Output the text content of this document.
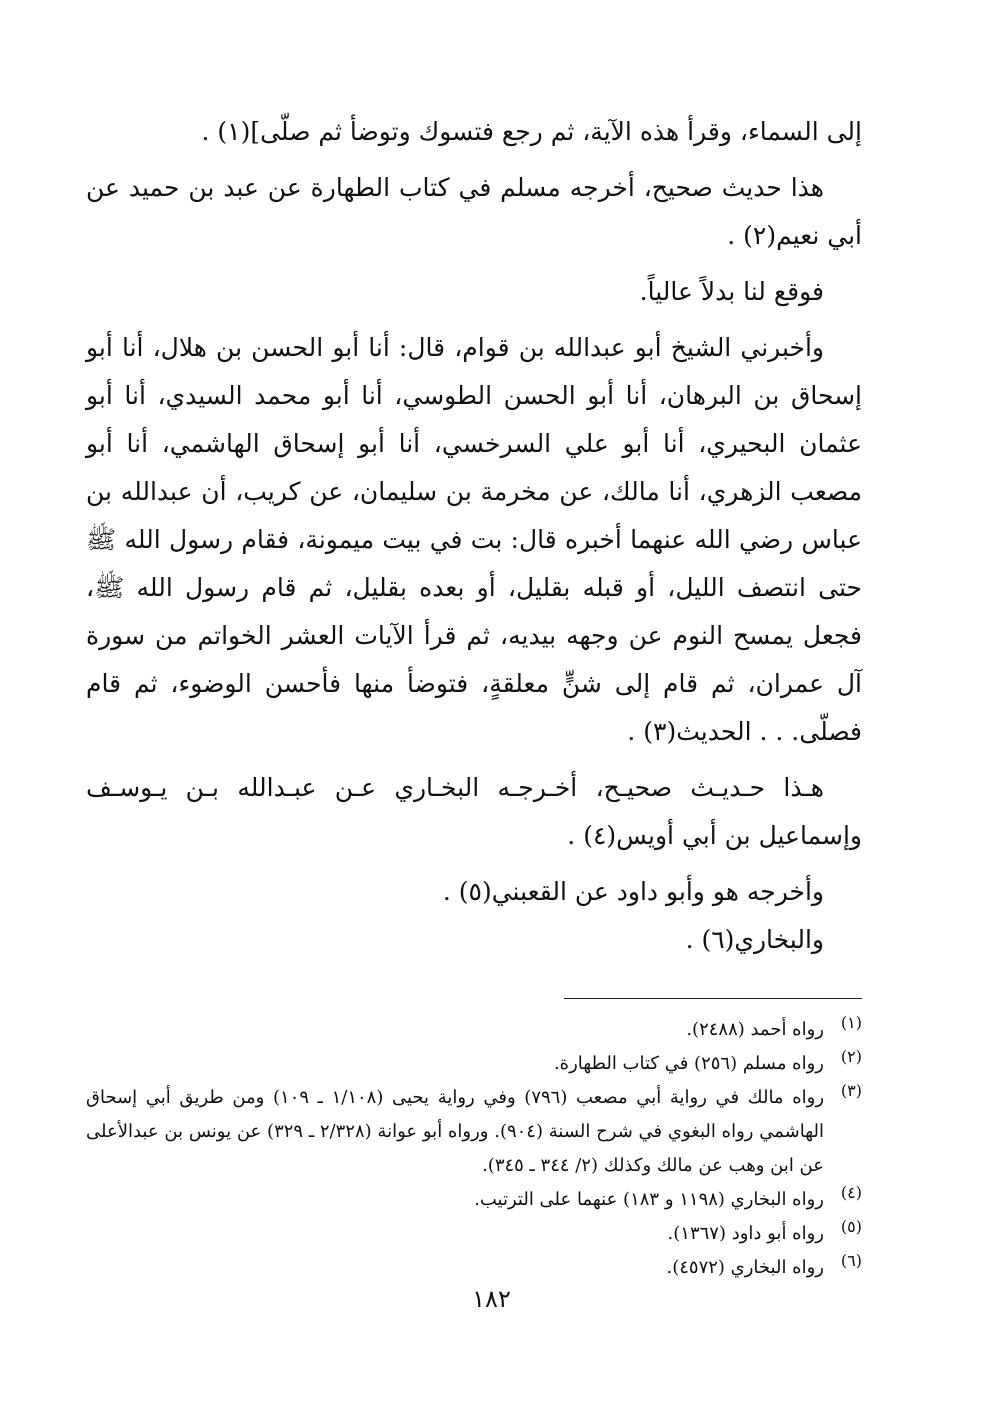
إلى السماء، وقرأ هذه الآية، ثم رجع فتسوك وتوضأ ثم صلّى](١) .

هذا حديث صحيح، أخرجه مسلم في كتاب الطهارة عن عبد بن حميد عن أبي نعيم(٢) .

فوقع لنا بدلاً عالياً.

وأخبرني الشيخ أبو عبدالله بن قوام، قال: أنا أبو الحسن بن هلال، أنا أبو إسحاق بن البرهان، أنا أبو الحسن الطوسي، أنا أبو محمد السيدي، أنا أبو عثمان البحيري، أنا أبو علي السرخسي، أنا أبو إسحاق الهاشمي، أنا أبو مصعب الزهري، أنا مالك، عن مخرمة بن سليمان، عن كريب، أن عبدالله بن عباس رضي الله عنهما أخبره قال: بت في بيت ميمونة، فقام رسول الله ﷺ حتى انتصف الليل، أو قبله بقليل، أو بعده بقليل، ثم قام رسول الله ﷺ، فجعل يمسح النوم عن وجهه بيديه، ثم قرأ الآيات العشر الخواتم من سورة آل عمران، ثم قام إلى شنٍّ معلقةٍ، فتوضأ منها فأحسن الوضوء، ثم قام فصلّى. . . الحديث(٣) .

هـذا حـديـث صحيـح، أخـرجـه البخـاري عـن عبـدالله بـن يـوسـف وإسماعيل بن أبي أويس(٤) .

وأخرجه هو وأبو داود عن القعبني(٥) .

والبخاري(٦) .

(١)

رواه أحمد (٢٤٨٨).

(٢)

رواه مسلم (٢٥٦) في كتاب الطهارة.

(٣)

رواه مالك في رواية أبي مصعب (٧٩٦) وفي رواية يحيى (١/١٠٨ ـ ١٠٩) ومن طريق أبي إسحاق الهاشمي رواه البغوي في شرح السنة (٩٠٤). ورواه أبو عوانة (٢/٣٢٨ ـ ٣٢٩) عن يونس بن عبدالأعلى عن ابن وهب عن مالك وكذلك (٢/ ٣٤٤ ـ ٣٤٥).

(٤)

رواه البخاري (١١٩٨ و ١٨٣) عنهما على الترتيب.

(٥)

رواه أبو داود (١٣٦٧).

(٦)

رواه البخاري (٤٥٧٢).

١٨٢
